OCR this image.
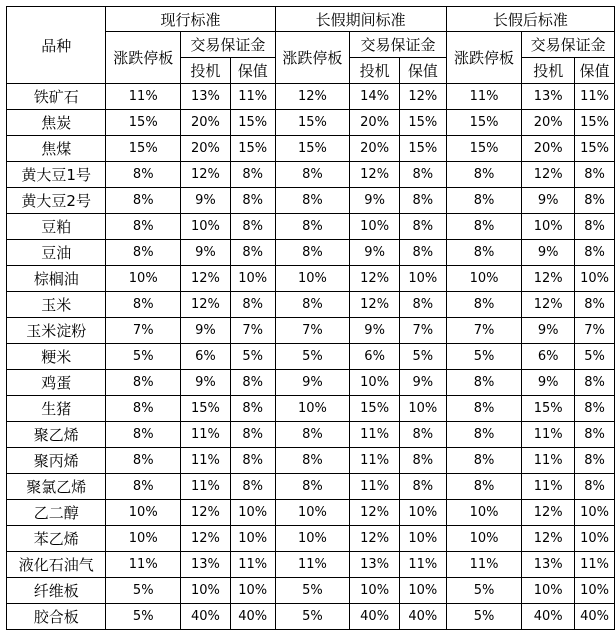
品种	现行标准			长假期间标准			长假后标准		
	涨跌停板	交易保证金		涨跌停板	交易保证金		涨跌停板	交易保证金	
		投机	保值		投机	保值		投机	保值
铁矿石	11%	13%	11%	12%	14%	12%	11%	13%	11%
焦炭	15%	20%	15%	15%	20%	15%	15%	20%	15%
焦煤	15%	20%	15%	15%	20%	15%	15%	20%	15%
黄大豆1号	8%	12%	8%	8%	12%	8%	8%	12%	8%
黄大豆2号	8%	9%	8%	8%	9%	8%	8%	9%	8%
豆粕	8%	10%	8%	8%	10%	8%	8%	10%	8%
豆油	8%	9%	8%	8%	9%	8%	8%	9%	8%
棕榈油	10%	12%	10%	10%	12%	10%	10%	12%	10%
玉米	8%	12%	8%	8%	12%	8%	8%	12%	8%
玉米淀粉	7%	9%	7%	7%	9%	7%	7%	9%	7%
粳米	5%	6%	5%	5%	6%	5%	5%	6%	5%
鸡蛋	8%	9%	8%	9%	10%	9%	8%	9%	8%
生猪	8%	15%	8%	10%	15%	10%	8%	15%	8%
聚乙烯	8%	11%	8%	8%	11%	8%	8%	11%	8%
聚丙烯	8%	11%	8%	8%	11%	8%	8%	11%	8%
聚氯乙烯	8%	11%	8%	8%	11%	8%	8%	11%	8%
乙二醇	10%	12%	10%	10%	12%	10%	10%	12%	10%
苯乙烯	10%	12%	10%	10%	12%	10%	10%	12%	10%
液化石油气	11%	13%	11%	11%	13%	11%	11%	13%	11%
纤维板	5%	10%	10%	5%	10%	10%	5%	10%	10%
胶合板	5%	40%	40%	5%	40%	40%	5%	40%	40%
